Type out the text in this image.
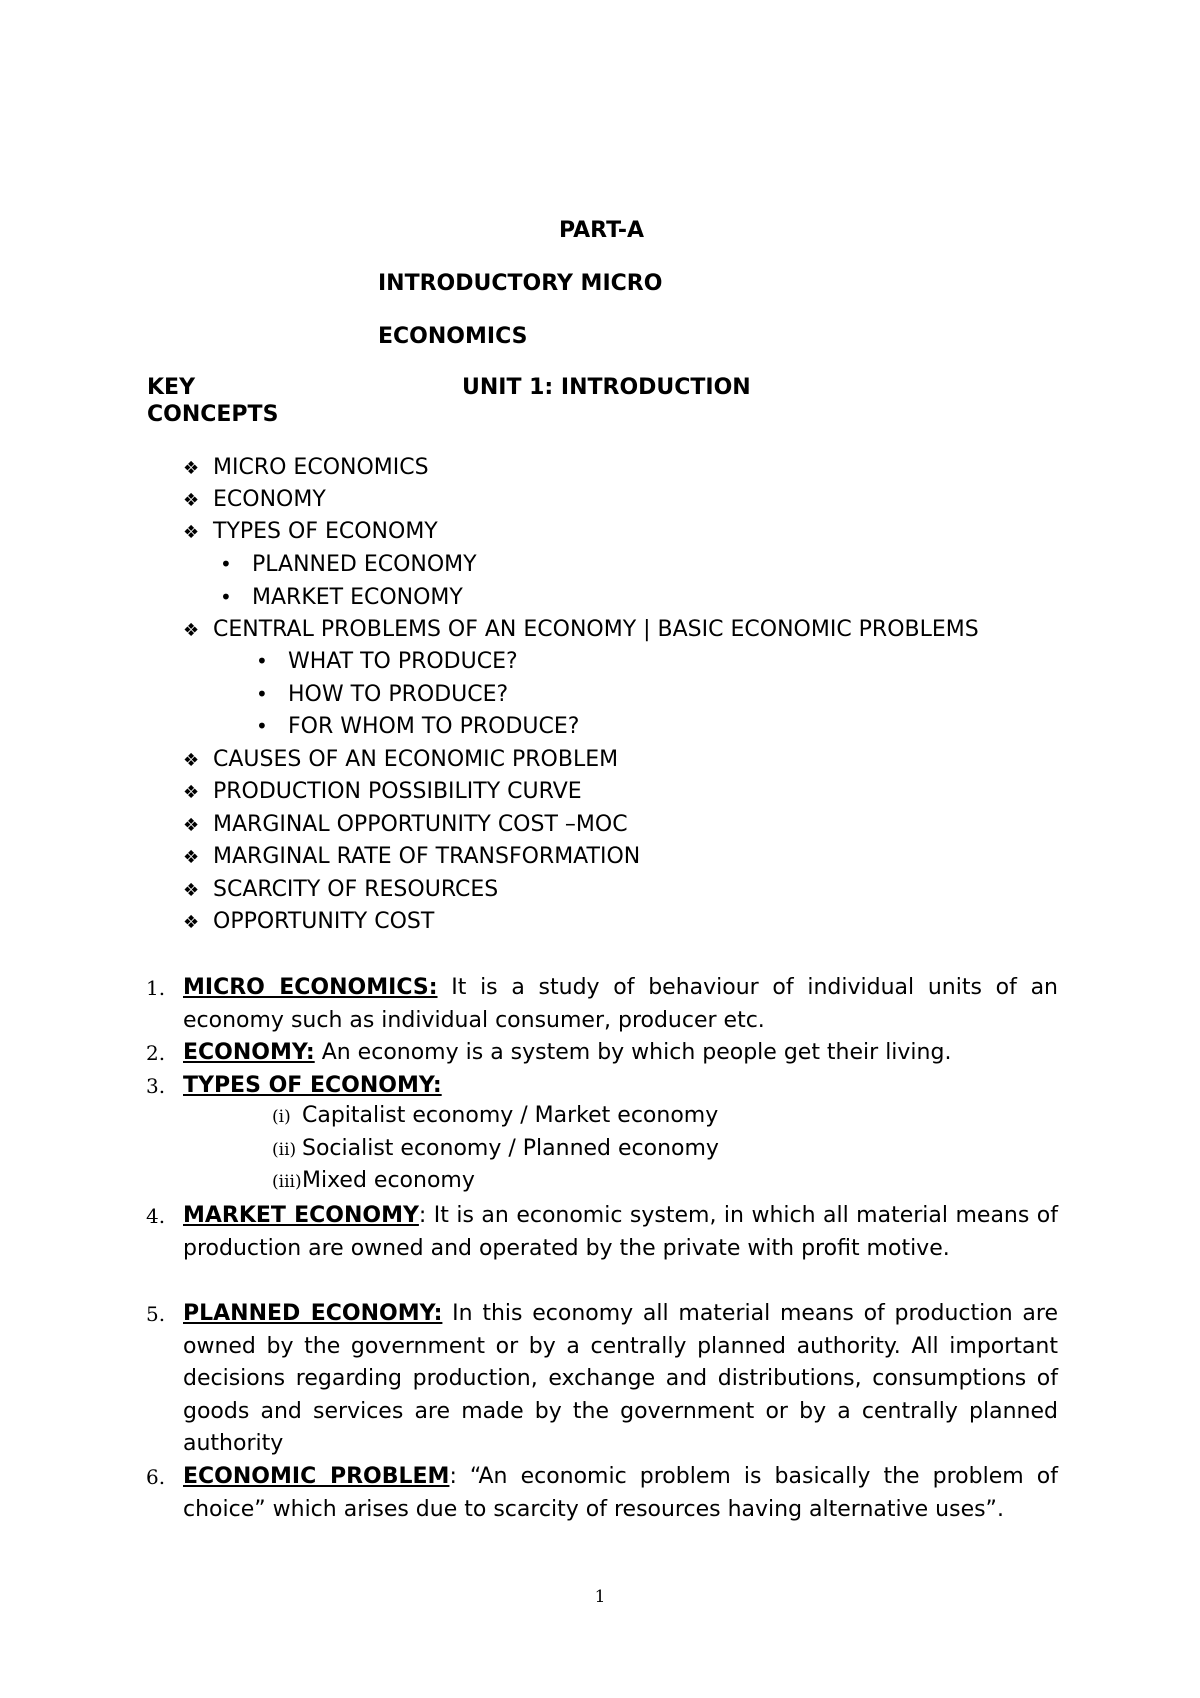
PART-A
INTRODUCTORY MICRO
ECONOMICS
KEY
CONCEPTS
UNIT 1: INTRODUCTION
❖ MICRO ECONOMICS
❖ ECONOMY
❖ TYPES OF ECONOMY
• PLANNED ECONOMY
• MARKET ECONOMY
❖ CENTRAL PROBLEMS OF AN ECONOMY | BASIC ECONOMIC PROBLEMS
• WHAT TO PRODUCE?
• HOW TO PRODUCE?
• FOR WHOM TO PRODUCE?
❖ CAUSES OF AN ECONOMIC PROBLEM
❖ PRODUCTION POSSIBILITY CURVE
❖ MARGINAL OPPORTUNITY COST –MOC
❖ MARGINAL RATE OF TRANSFORMATION
❖ SCARCITY OF RESOURCES
❖ OPPORTUNITY COST
1. MICRO ECONOMICS: It is a study of behaviour of individual units of an economy such as individual consumer, producer etc.
2. ECONOMY: An economy is a system by which people get their living.
3. TYPES OF ECONOMY:
(i) Capitalist economy / Market economy
(ii) Socialist economy / Planned economy
(iii)Mixed economy
4. MARKET ECONOMY: It is an economic system, in which all material means of production are owned and operated by the private with profit motive.
5. PLANNED ECONOMY: In this economy all material means of production are owned by the government or by a centrally planned authority. All important decisions regarding production, exchange and distributions, consumptions of goods and services are made by the government or by a centrally planned authority
6. ECONOMIC PROBLEM: “An economic problem is basically the problem of choice” which arises due to scarcity of resources having alternative uses”.
1
